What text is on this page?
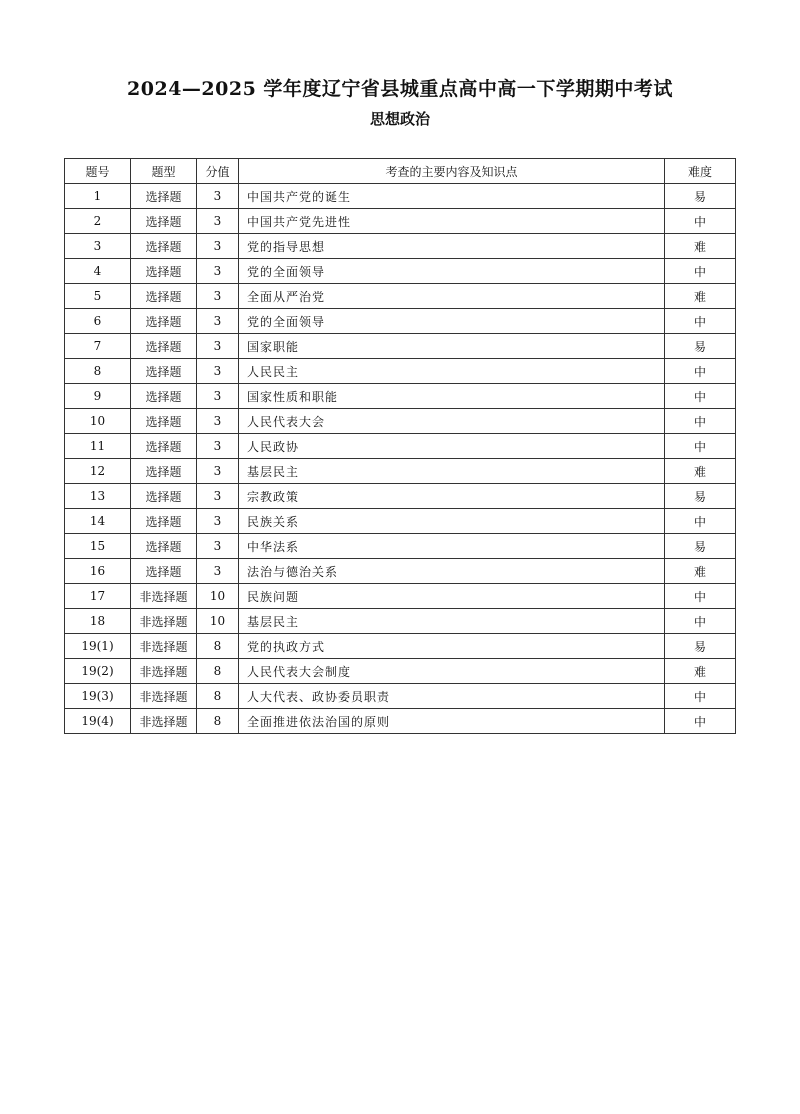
2024—2025 学年度辽宁省县城重点高中高一下学期期中考试
思想政治
题号	题型	分值	考查的主要内容及知识点	难度
1	选择题	3	中国共产党的诞生	易
2	选择题	3	中国共产党先进性	中
3	选择题	3	党的指导思想	难
4	选择题	3	党的全面领导	中
5	选择题	3	全面从严治党	难
6	选择题	3	党的全面领导	中
7	选择题	3	国家职能	易
8	选择题	3	人民民主	中
9	选择题	3	国家性质和职能	中
10	选择题	3	人民代表大会	中
11	选择题	3	人民政协	中
12	选择题	3	基层民主	难
13	选择题	3	宗教政策	易
14	选择题	3	民族关系	中
15	选择题	3	中华法系	易
16	选择题	3	法治与德治关系	难
17	非选择题	10	民族问题	中
18	非选择题	10	基层民主	中
19(1)	非选择题	8	党的执政方式	易
19(2)	非选择题	8	人民代表大会制度	难
19(3)	非选择题	8	人大代表、政协委员职责	中
19(4)	非选择题	8	全面推进依法治国的原则	中
